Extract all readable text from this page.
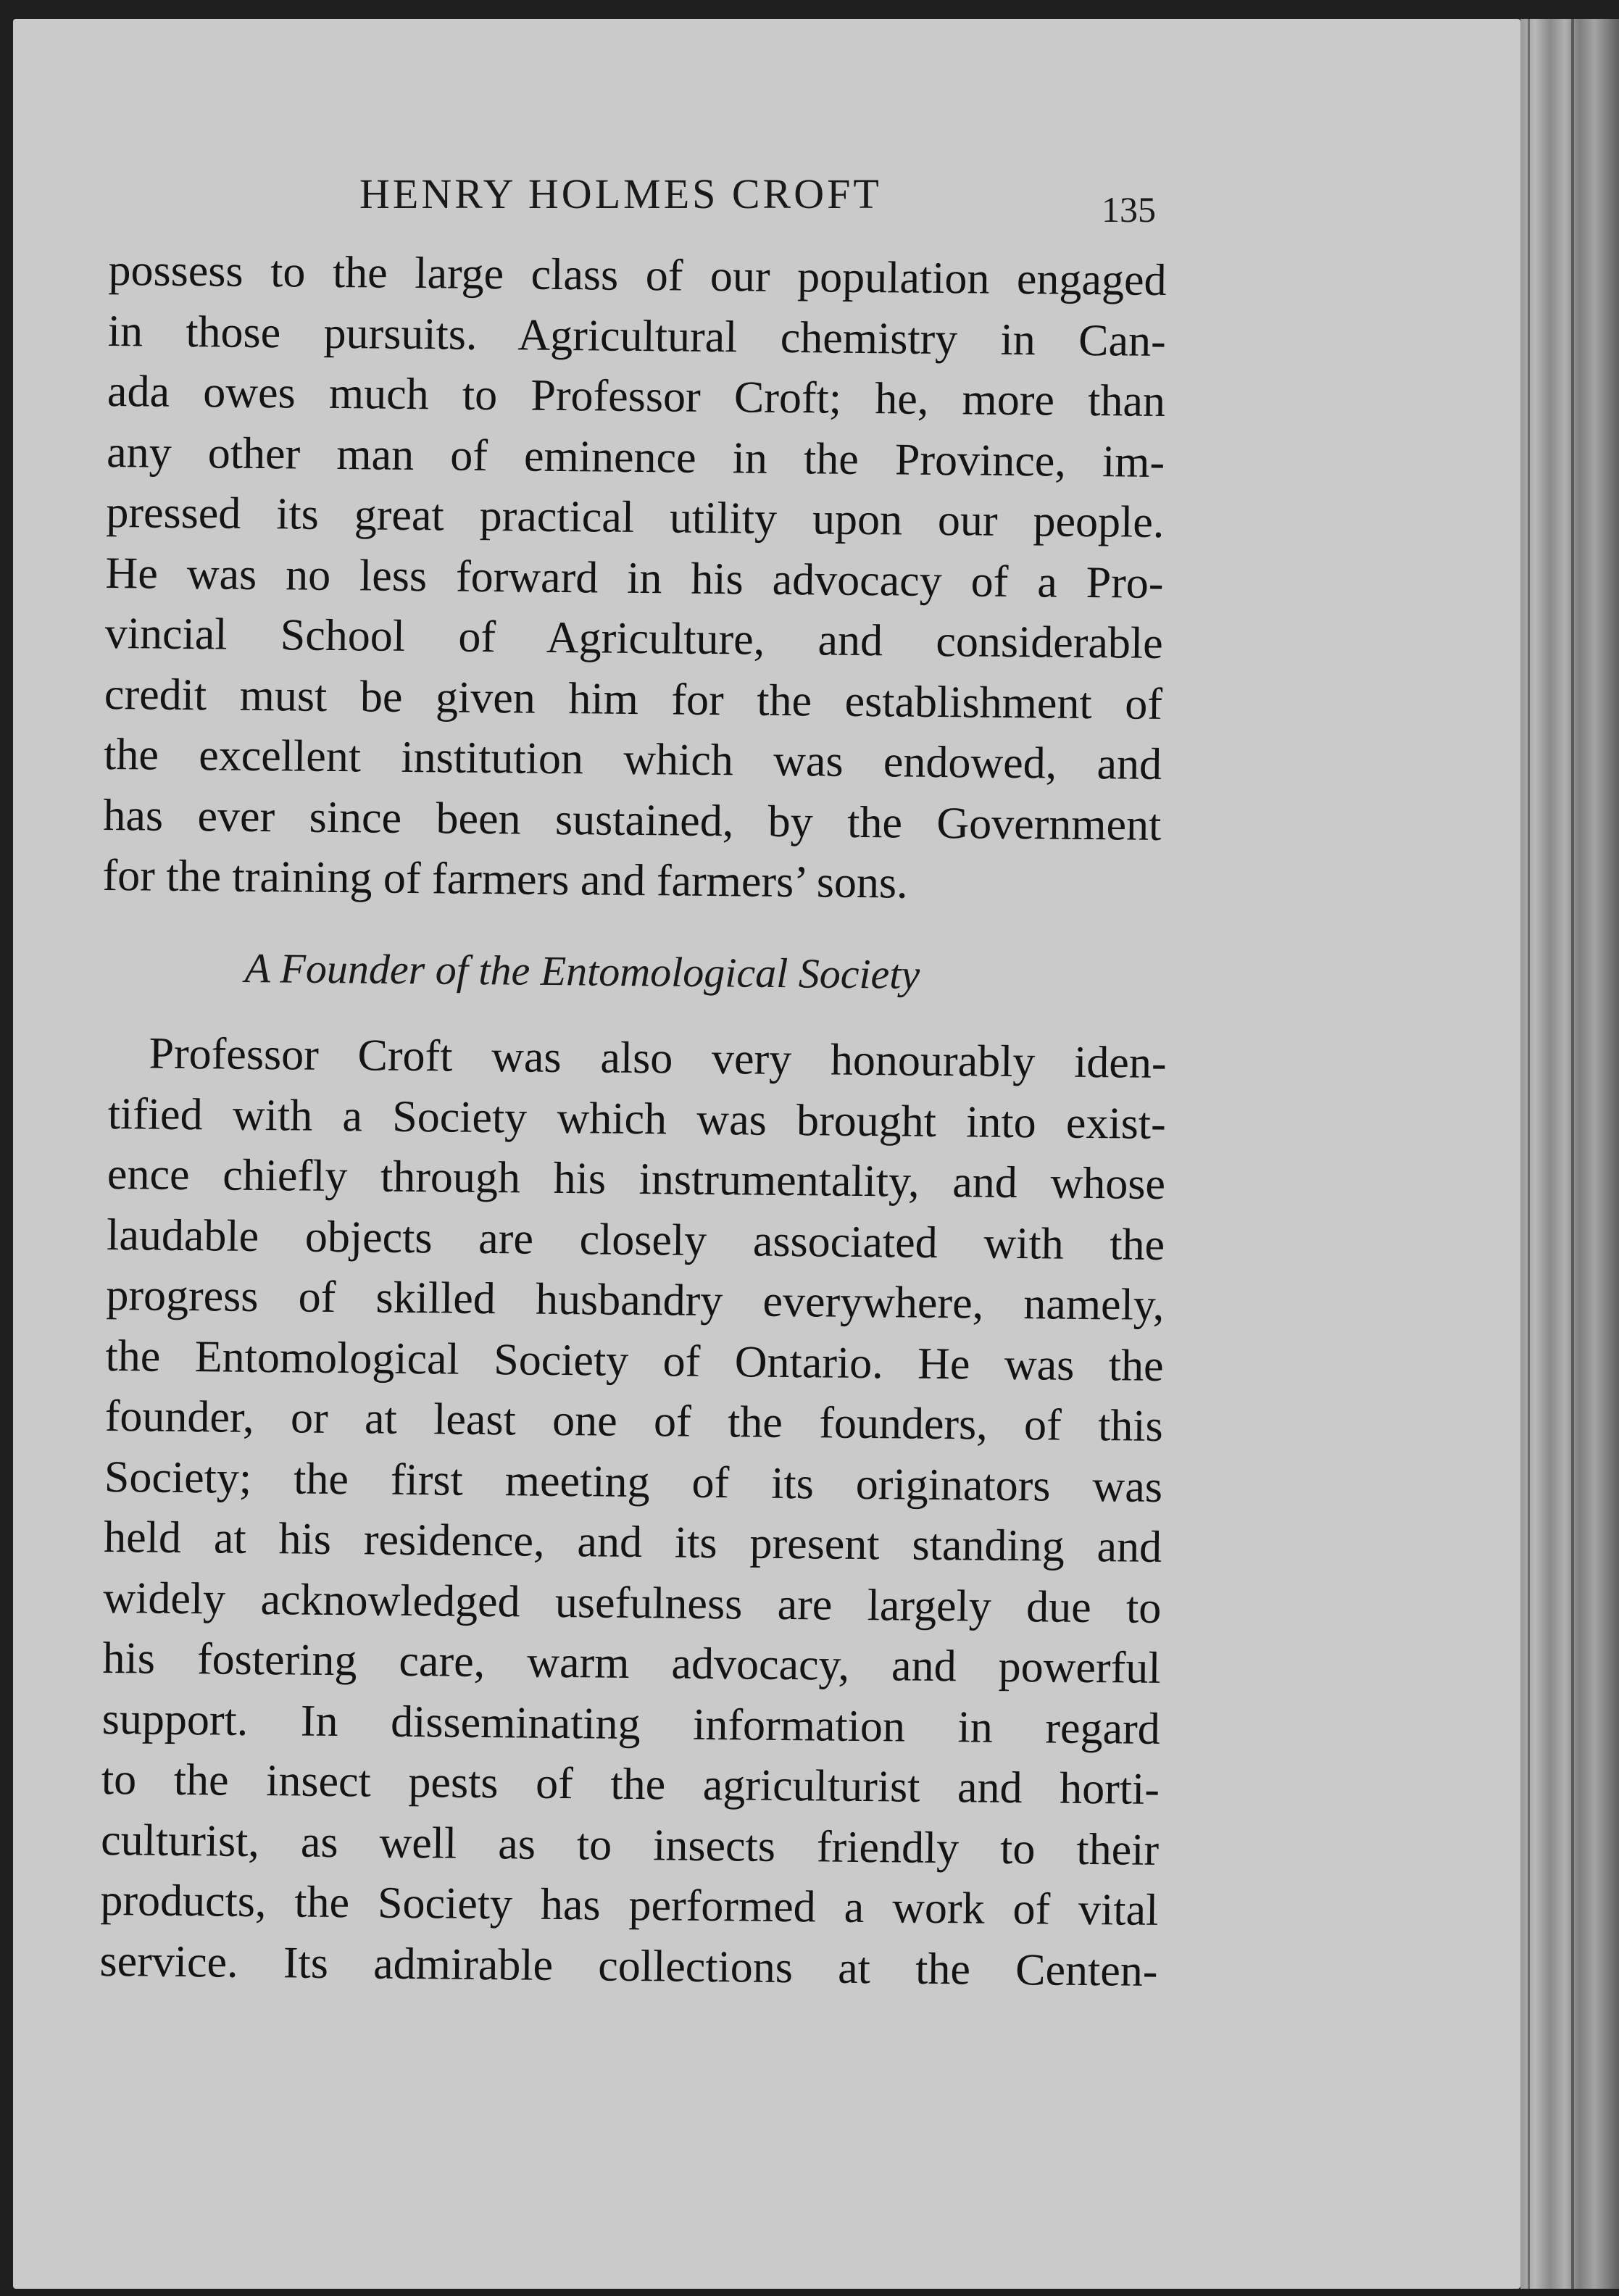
HENRY HOLMES CROFT	135
possess to the large class of our population engaged
in those pursuits. Agricultural chemistry in Can-
ada owes much to Professor Croft; he, more than
any other man of eminence in the Province, im-
pressed its great practical utility upon our people.
He was no less forward in his advocacy of a Pro-
vincial School of Agriculture, and considerable
credit must be given him for the establishment of
the excellent institution which was endowed, and
has ever since been sustained, by the Government
for the training of farmers and farmers’ sons.
A Founder of the Entomological Society
Professor Croft was also very honourably iden-
tified with a Society which was brought into exist-
ence chiefly through his instrumentality, and whose
laudable objects are closely associated with the
progress of skilled husbandry everywhere, namely,
the Entomological Society of Ontario. He was the
founder, or at least one of the founders, of this
Society; the first meeting of its originators was
held at his residence, and its present standing and
widely acknowledged usefulness are largely due to
his fostering care, warm advocacy, and powerful
support. In disseminating information in regard
to the insect pests of the agriculturist and horti-
culturist, as well as to insects friendly to their
products, the Society has performed a work of vital
service. Its admirable collections at the Centen-
